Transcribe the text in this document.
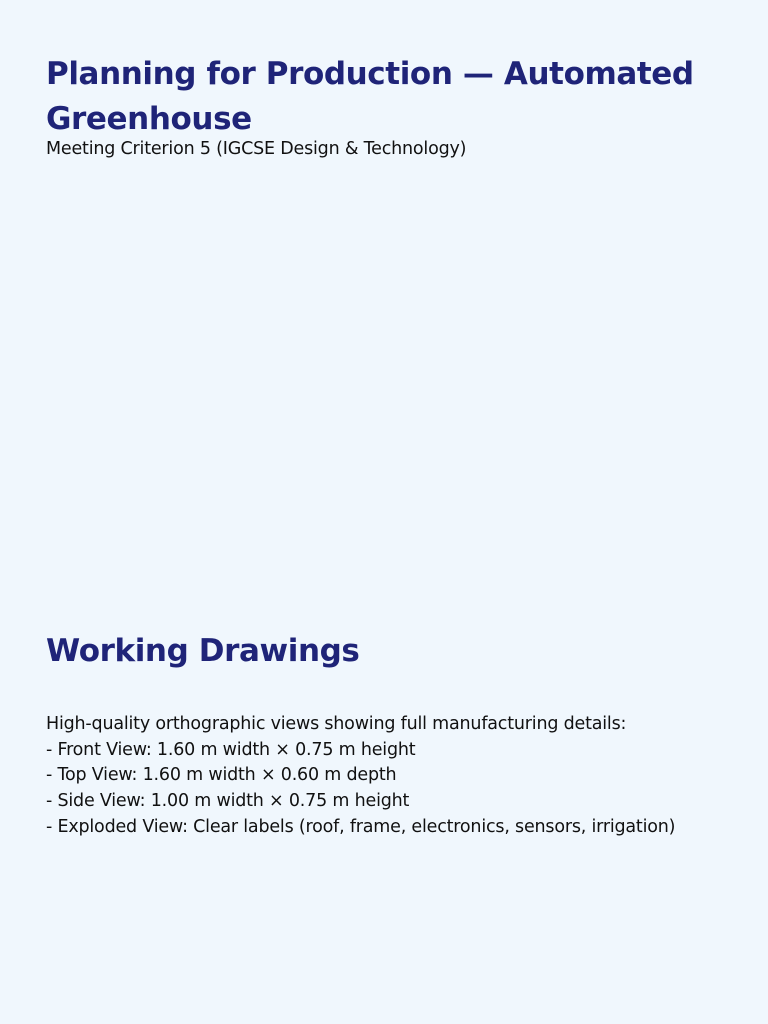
Planning for Production — Automated Greenhouse

Meeting Criterion 5 (IGCSE Design & Technology)

Working Drawings
High-quality orthographic views showing full manufacturing details:
- Front View: 1.60 m width × 0.75 m height
- Top View: 1.60 m width × 0.60 m depth
- Side View: 1.00 m width × 0.75 m height
- Exploded View: Clear labels (roof, frame, electronics, sensors, irrigation)
